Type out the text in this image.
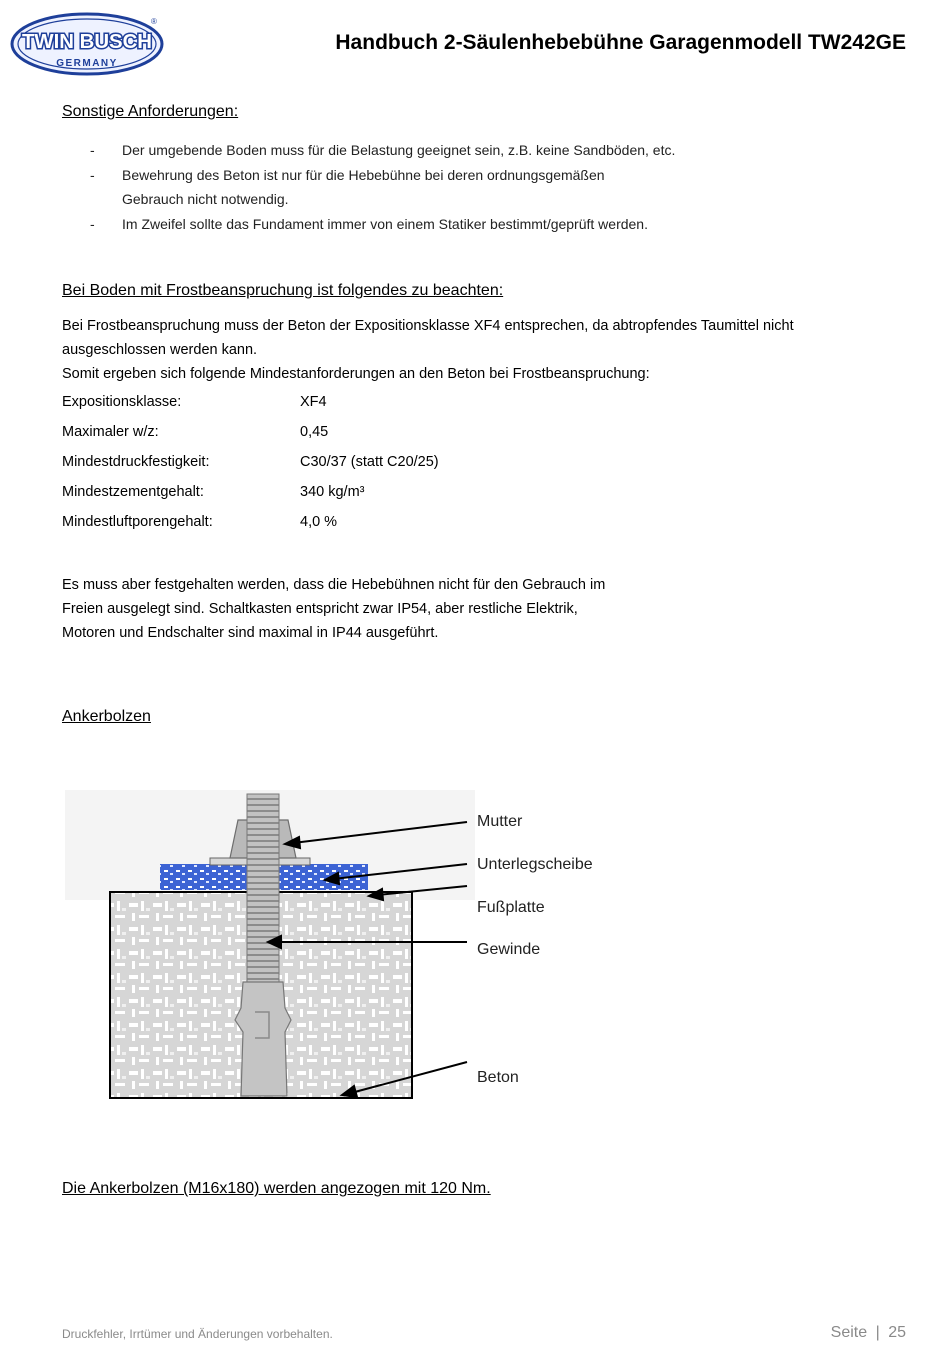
TWIN BUSCH
GERMANY
®
Handbuch 2-Säulenhebebühne Garagenmodell TW242GE
Sonstige Anforderungen:
- Der umgebende Boden muss für die Belastung geeignet sein, z.B. keine Sandböden, etc.
- Bewehrung des Beton ist nur für die Hebebühne bei deren ordnungsgemäßen
Gebrauch nicht notwendig.
- Im Zweifel sollte das Fundament immer von einem Statiker bestimmt/geprüft werden.
Bei Boden mit Frostbeanspruchung ist folgendes zu beachten:
Bei Frostbeanspruchung muss der Beton der Expositionsklasse XF4 entsprechen, da abtropfendes Taumittel nicht
ausgeschlossen werden kann.
Somit ergeben sich folgende Mindestanforderungen an den Beton bei Frostbeanspruchung:
Expositionsklasse:	XF4
Maximaler w/z:	0,45
Mindestdruckfestigkeit:	C30/37 (statt C20/25)
Mindestzementgehalt:	340 kg/m³
Mindestluftporengehalt:	4,0 %
Es muss aber festgehalten werden, dass die Hebebühnen nicht für den Gebrauch im
Freien ausgelegt sind. Schaltkasten entspricht zwar IP54, aber restliche Elektrik,
Motoren und Endschalter sind maximal in IP44 ausgeführt.
Ankerbolzen
Mutter
Unterlegscheibe
Fußplatte
Gewinde
Beton
Die Ankerbolzen (M16x180) werden angezogen mit 120 Nm.
Druckfehler, Irrtümer und Änderungen vorbehalten.	Seite | 25
